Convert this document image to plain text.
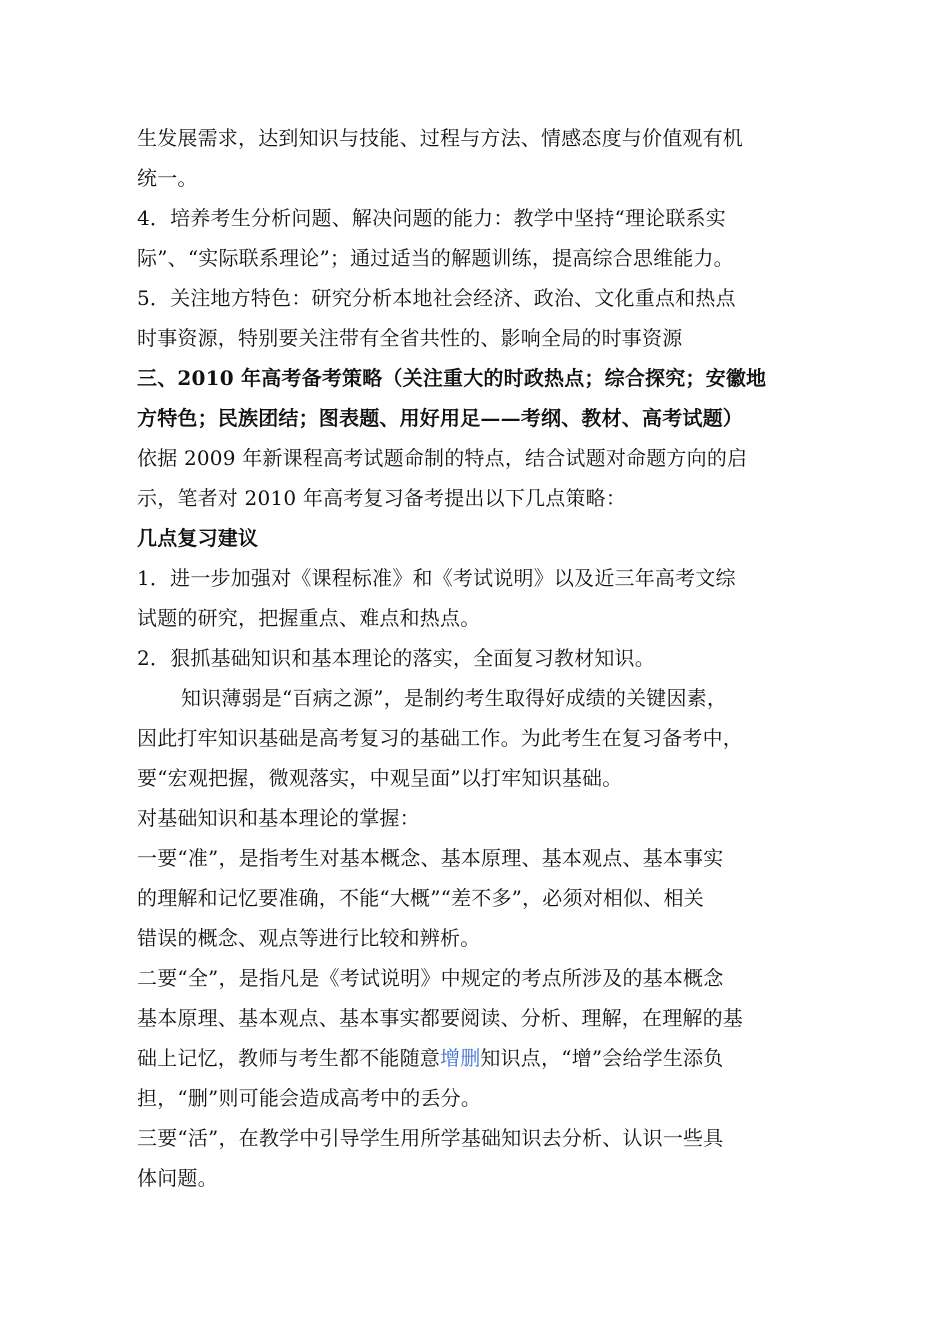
生发展需求，达到知识与技能、过程与方法、情感态度与价值观有机
统一。
4．培养考生分析问题、解决问题的能力：教学中坚持“理论联系实
际”、“实际联系理论”；通过适当的解题训练，提高综合思维能力。
5．关注地方特色：研究分析本地社会经济、政治、文化重点和热点
时事资源，特别要关注带有全省共性的、影响全局的时事资源
三、2010 年高考备考策略（关注重大的时政热点；综合探究；安徽地
方特色；民族团结；图表题、用好用足——考纲、教材、高考试题）
依据 2009 年新课程高考试题命制的特点，结合试题对命题方向的启
示，笔者对 2010 年高考复习备考提出以下几点策略：
几点复习建议
1．进一步加强对《课程标准》和《考试说明》以及近三年高考文综
试题的研究，把握重点、难点和热点。
2．狠抓基础知识和基本理论的落实，全面复习教材知识。
知识薄弱是“百病之源”，是制约考生取得好成绩的关键因素，
因此打牢知识基础是高考复习的基础工作。为此考生在复习备考中，
要“宏观把握，微观落实，中观呈面”以打牢知识基础。
对基础知识和基本理论的掌握：
一要“准”，是指考生对基本概念、基本原理、基本观点、基本事实
的理解和记忆要准确，不能“大概”“差不多”，必须对相似、相关
错误的概念、观点等进行比较和辨析。
二要“全”，是指凡是《考试说明》中规定的考点所涉及的基本概念
基本原理、基本观点、基本事实都要阅读、分析、理解，在理解的基
础上记忆，教师与考生都不能随意增删知识点，“增”会给学生添负
担，“删”则可能会造成高考中的丢分。
三要“活”，在教学中引导学生用所学基础知识去分析、认识一些具
体问题。
